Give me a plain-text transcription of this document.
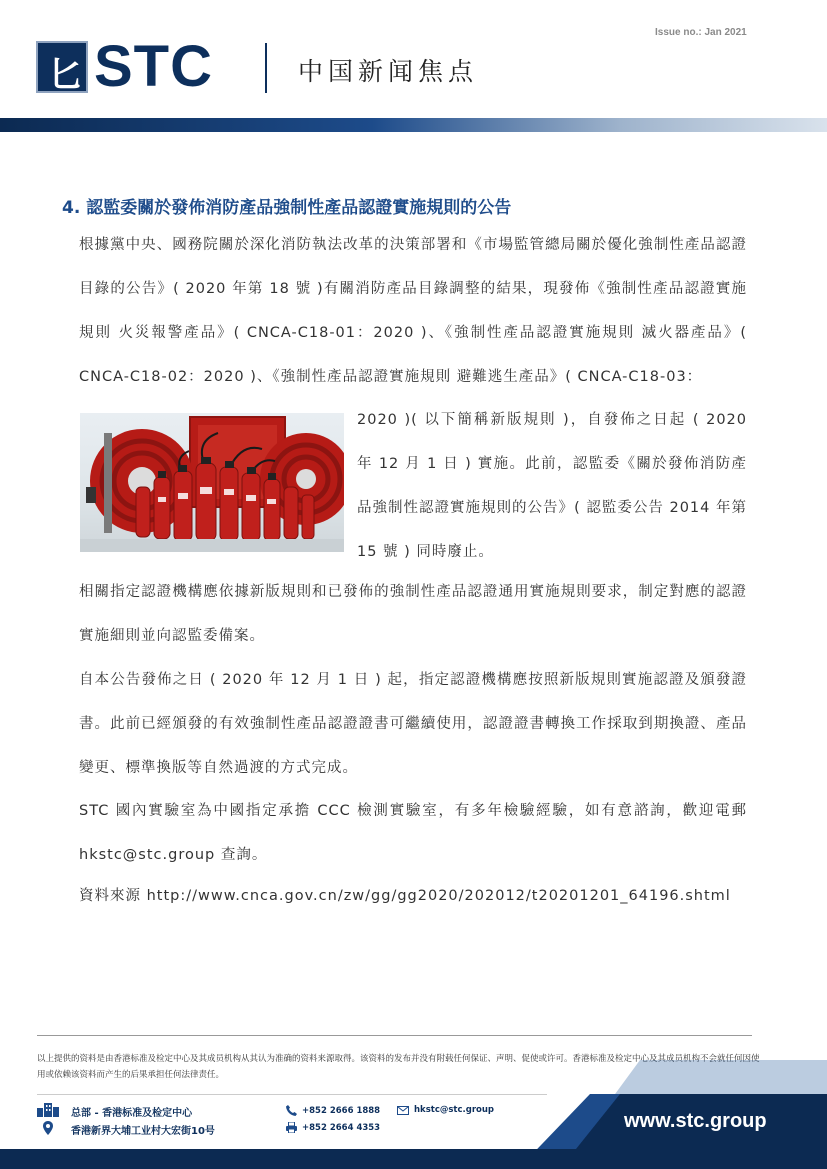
Issue no.: Jan 2021
匕 STC	中国新闻焦点
4. 認監委關於發佈消防產品強制性產品認證實施規則的公告
根據黨中央、國務院關於深化消防執法改革的決策部署和《市場監管總局關於優化強制性產品認證目錄的公告》( 2020 年第 18 號 )有關消防產品目錄調整的結果，現發佈《強制性產品認證實施規則 火災報警產品》( CNCA-C18-01：2020 )、《強制性產品認證實施規則 滅火器產品》( CNCA-C18-02：2020 )、《強制性產品認證實施規則 避難逃生產品》( CNCA-C18-03：
2020 )( 以下簡稱新版規則 )，自發佈之日起 ( 2020 年 12 月 1 日 ) 實施。此前，認監委《關於發佈消防產品強制性認證實施規則的公告》( 認監委公告 2014 年第 15 號 ) 同時廢止。
相關指定認證機構應依據新版規則和已發佈的強制性產品認證通用實施規則要求，制定對應的認證實施細則並向認監委備案。
自本公告發佈之日 ( 2020 年 12 月 1 日 ) 起，指定認證機構應按照新版規則實施認證及頒發證書。此前已經頒發的有效強制性產品認證證書可繼續使用，認證證書轉換工作採取到期換證、產品變更、標準換版等自然過渡的方式完成。
STC 國內實驗室為中國指定承擔 CCC 檢測實驗室，有多年檢驗經驗，如有意諮詢，歡迎電郵 hkstc@stc.group 查詢。
資料來源 http://www.cnca.gov.cn/zw/gg/gg2020/202012/t20201201_64196.shtml
以上提供的资料是由香港标准及检定中心及其成员机构从其认为准确的资料来源取得。该资料的发布并没有附载任何保证、声明、促使或许可。香港标准及检定中心及其成员机构不会就任何因使用或依赖该资料而产生的后果承担任何法律责任。
总部 - 香港标准及检定中心
香港新界大埔工业村大宏街10号
+852 2666 1888
+852 2664 4353
hkstc@stc.group	www.stc.group
